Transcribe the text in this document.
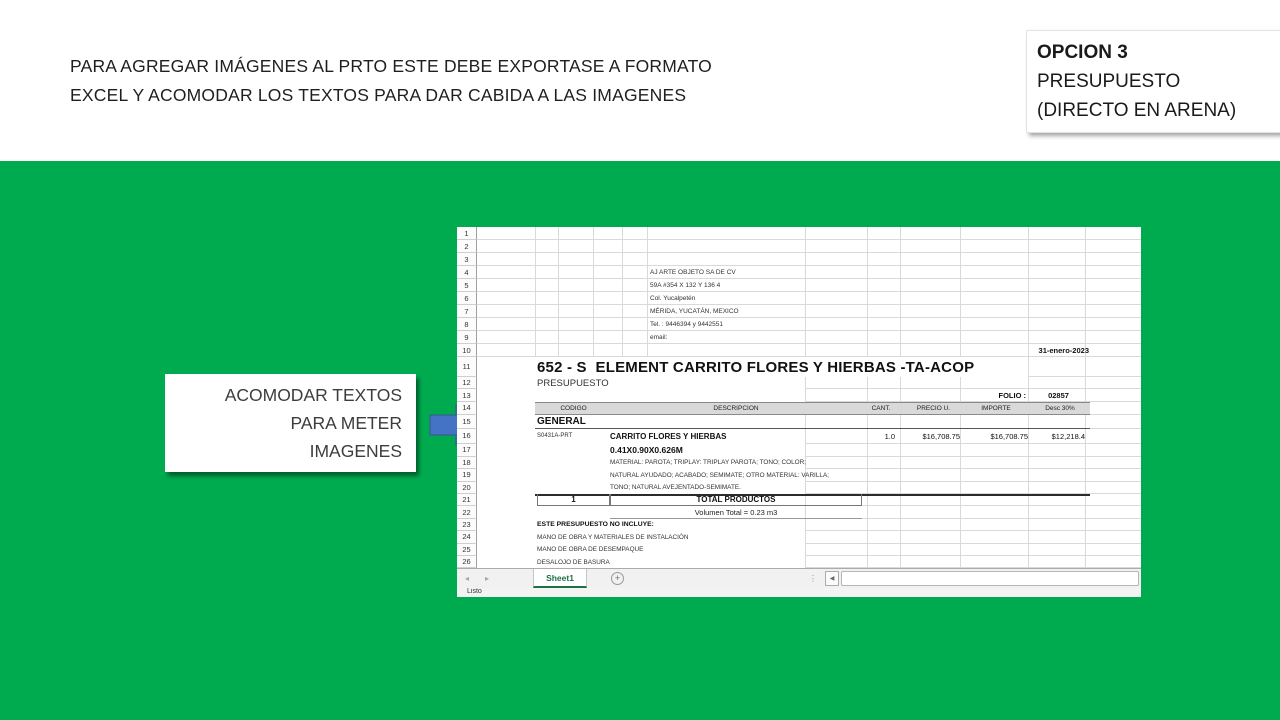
PARA AGREGAR IMÁGENES AL PRTO ESTE DEBE EXPORTASE A FORMATO
EXCEL Y ACOMODAR LOS TEXTOS PARA DAR CABIDA A LAS IMAGENES
OPCION 3
PRESUPUESTO
(DIRECTO EN ARENA)
ACOMODAR TEXTOS
PARA METER
IMAGENES
1
2
3
4	AJ ARTE OBJETO SA DE CV
5	59A #354 X 132 Y 136 4
6	Col. Yucalpetén
7	MÉRIDA, YUCATÁN, MEXICO
8	Tel. : 9446394 y 9442551
9	email:
10	31-enero-2023
11	652 - S  ELEMENT CARRITO FLORES Y HIERBAS -TA-ACOP
12	PRESUPUESTO
13	FOLIO :	02857
14	CODIGO	DESCRIPCION	CANT.	PRECIO U.	IMPORTE	Desc 30%
15	GENERAL
16	S0431A-PRT	CARRITO FLORES Y HIERBAS	1.0	$16,708.75	$16,708.75	$12,218.4
17	0.41X0.90X0.626M
18	MATERIAL: PAROTA; TRIPLAY: TRIPLAY PAROTA; TONO; COLOR;
19	NATURAL AYUDADO; ACABADO; SEMIMATE; OTRO MATERIAL: VARILLA;
20	TONO; NATURAL AVEJENTADO-SEMIMATE.
21	1	TOTAL PRODUCTOS
22	Volumen Total = 0.23 m3
23	ESTE PRESUPUESTO NO INCLUYE:
24	MANO DE OBRA Y MATERIALES DE INSTALACIÓN
25	MANO DE OBRA DE DESEMPAQUE
26	DESALOJO DE BASURA
◂	▸	Sheet1	+	⋮	◀
Listo
